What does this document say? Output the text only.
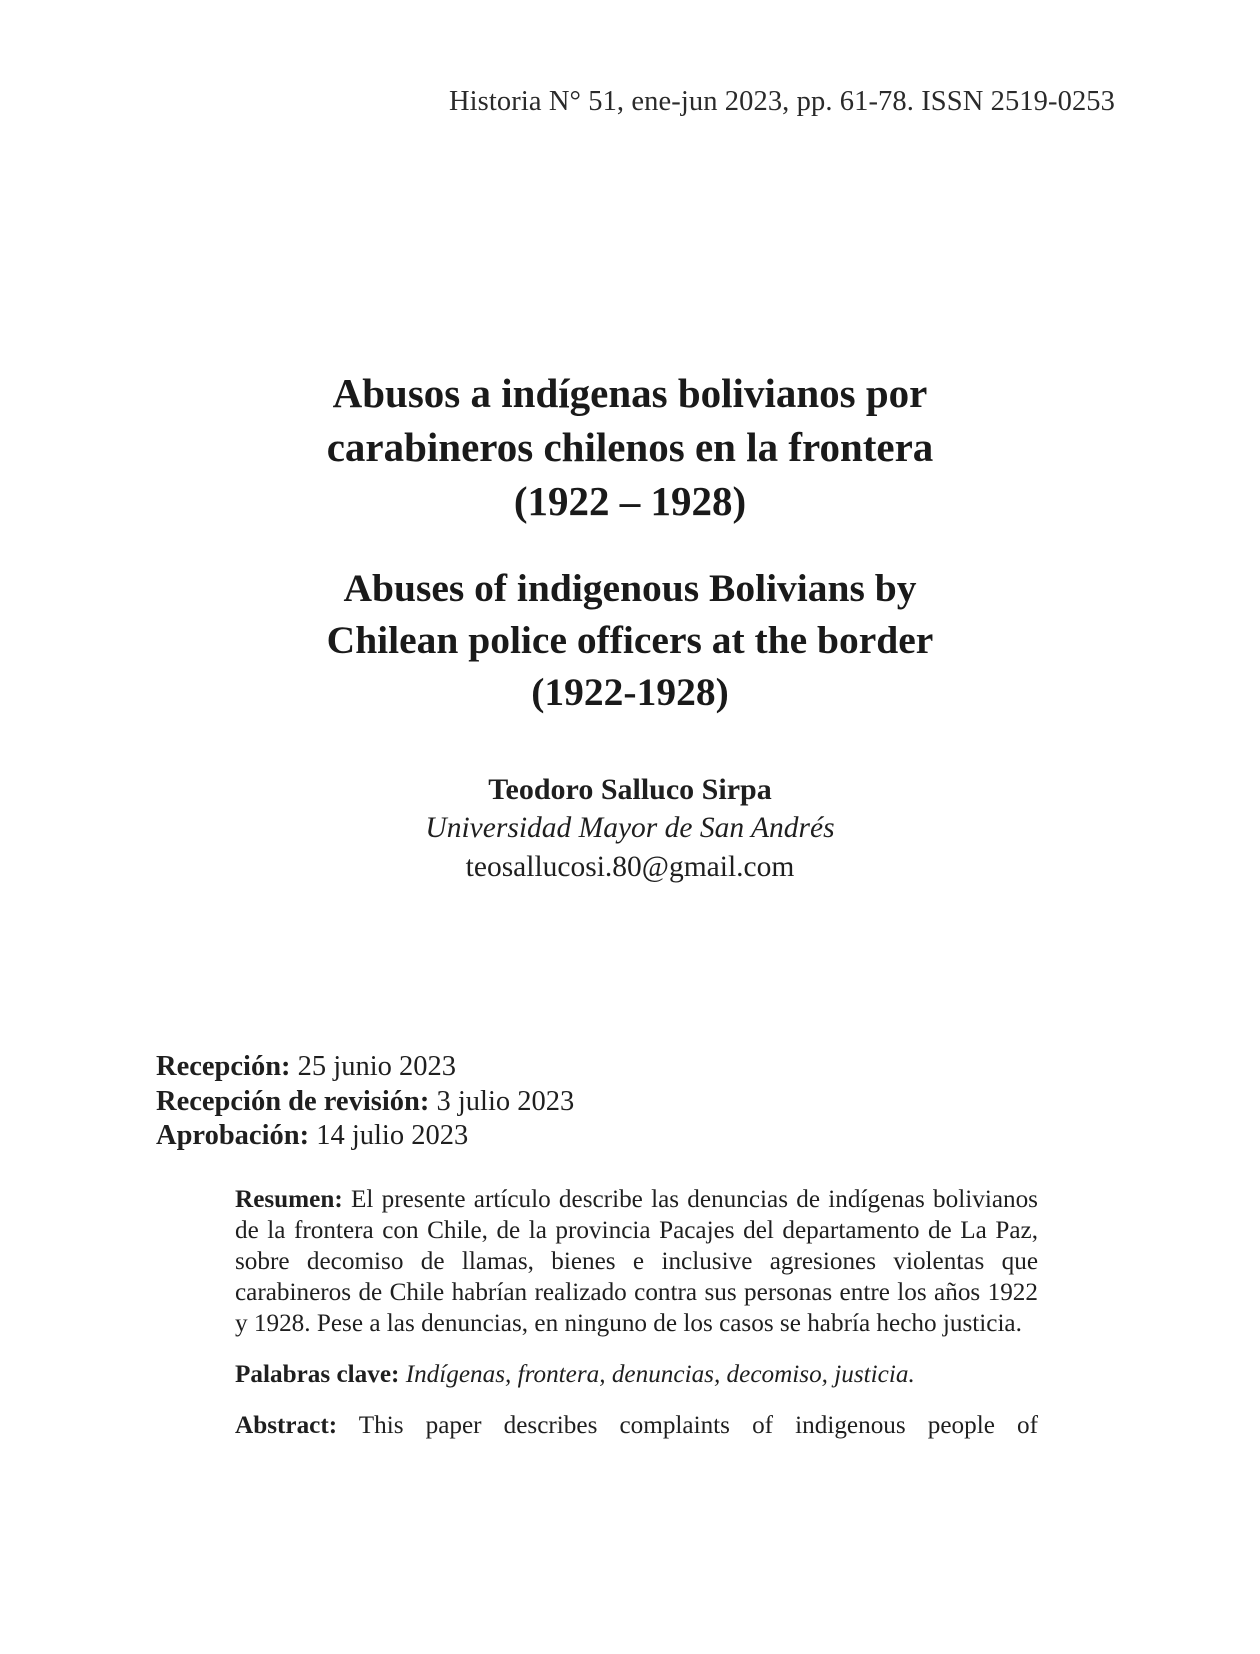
Historia N° 51, ene-jun 2023, pp. 61-78. ISSN 2519-0253
Abusos a indígenas bolivianos por
carabineros chilenos en la frontera
(1922 – 1928)
Abuses of indigenous Bolivians by
Chilean police officers at the border
(1922-1928)
Teodoro Salluco Sirpa
Universidad Mayor de San Andrés
teosallucosi.80@gmail.com
Recepción: 25 junio 2023
Recepción de revisión: 3 julio 2023
Aprobación: 14 julio 2023

Resumen: El presente artículo describe las denuncias de indígenas bolivianos de la frontera con Chile, de la provincia Pacajes del departamento de La Paz, sobre decomiso de llamas, bienes e inclusive agresiones violentas que carabineros de Chile habrían realizado contra sus personas entre los años 1922 y 1928. Pese a las denuncias, en ninguno de los casos se habría hecho justicia.

Palabras clave: Indígenas, frontera, denuncias, decomiso, justicia.

Abstract: This paper describes complaints of indigenous people of
